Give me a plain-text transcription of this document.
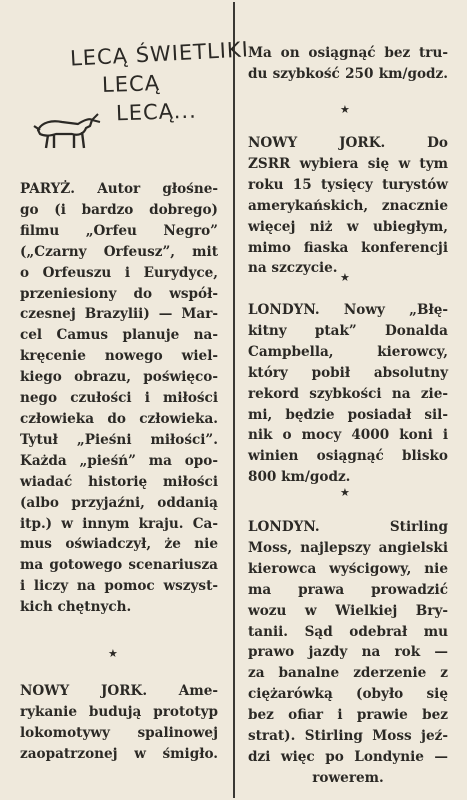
LECĄ ŚWIETLIKI
LECĄ
LECĄ...
PARYŻ. Autor głośne-
go (i bardzo dobrego)
filmu „Orfeu Negro”
(„Czarny Orfeusz”, mit
o Orfeuszu i Eurydyce,
przeniesiony do współ-
czesnej Brazylii) — Mar-
cel Camus planuje na-
kręcenie nowego wiel-
kiego obrazu, poświęco-
nego czułości i miłości
człowieka do człowieka.
Tytuł „Pieśni miłości”.
Każda „pieśń” ma opo-
wiadać historię miłości
(albo przyjaźni, oddanią
itp.) w innym kraju. Ca-
mus oświadczył, że nie
ma gotowego scenariusza
i liczy na pomoc wszyst-
kich chętnych.
★
NOWY JORK. Ame-
rykanie budują prototyp
lokomotywy spalinowej
zaopatrzonej w śmigło.
Ma on osiągnąć bez tru-
du szybkość 250 km/godz.
★
NOWY JORK.	Do
ZSRR wybiera się w tym
roku 15 tysięcy turystów
amerykańskich, znacznie
więcej niż w ubiegłym,
mimo fiaska konferencji
na szczycie.
★
LONDYN. Nowy „Błę-
kitny ptak” Donalda
Campbella, kierowcy,
który pobił absolutny
rekord szybkości na zie-
mi, będzie posiadał sil-
nik o mocy 4000 koni i
winien osiągnąć blisko
800 km/godz.
★
LONDYN.	Stirling
Moss, najlepszy angielski
kierowca wyścigowy, nie
ma prawa prowadzić
wozu w Wielkiej Bry-
tanii. Sąd odebrał mu
prawo jazdy na rok —
za banalne zderzenie z
ciężarówką (obyło się
bez ofiar i prawie bez
strat). Stirling Moss jeź-
dzi więc po Londynie —
rowerem.
